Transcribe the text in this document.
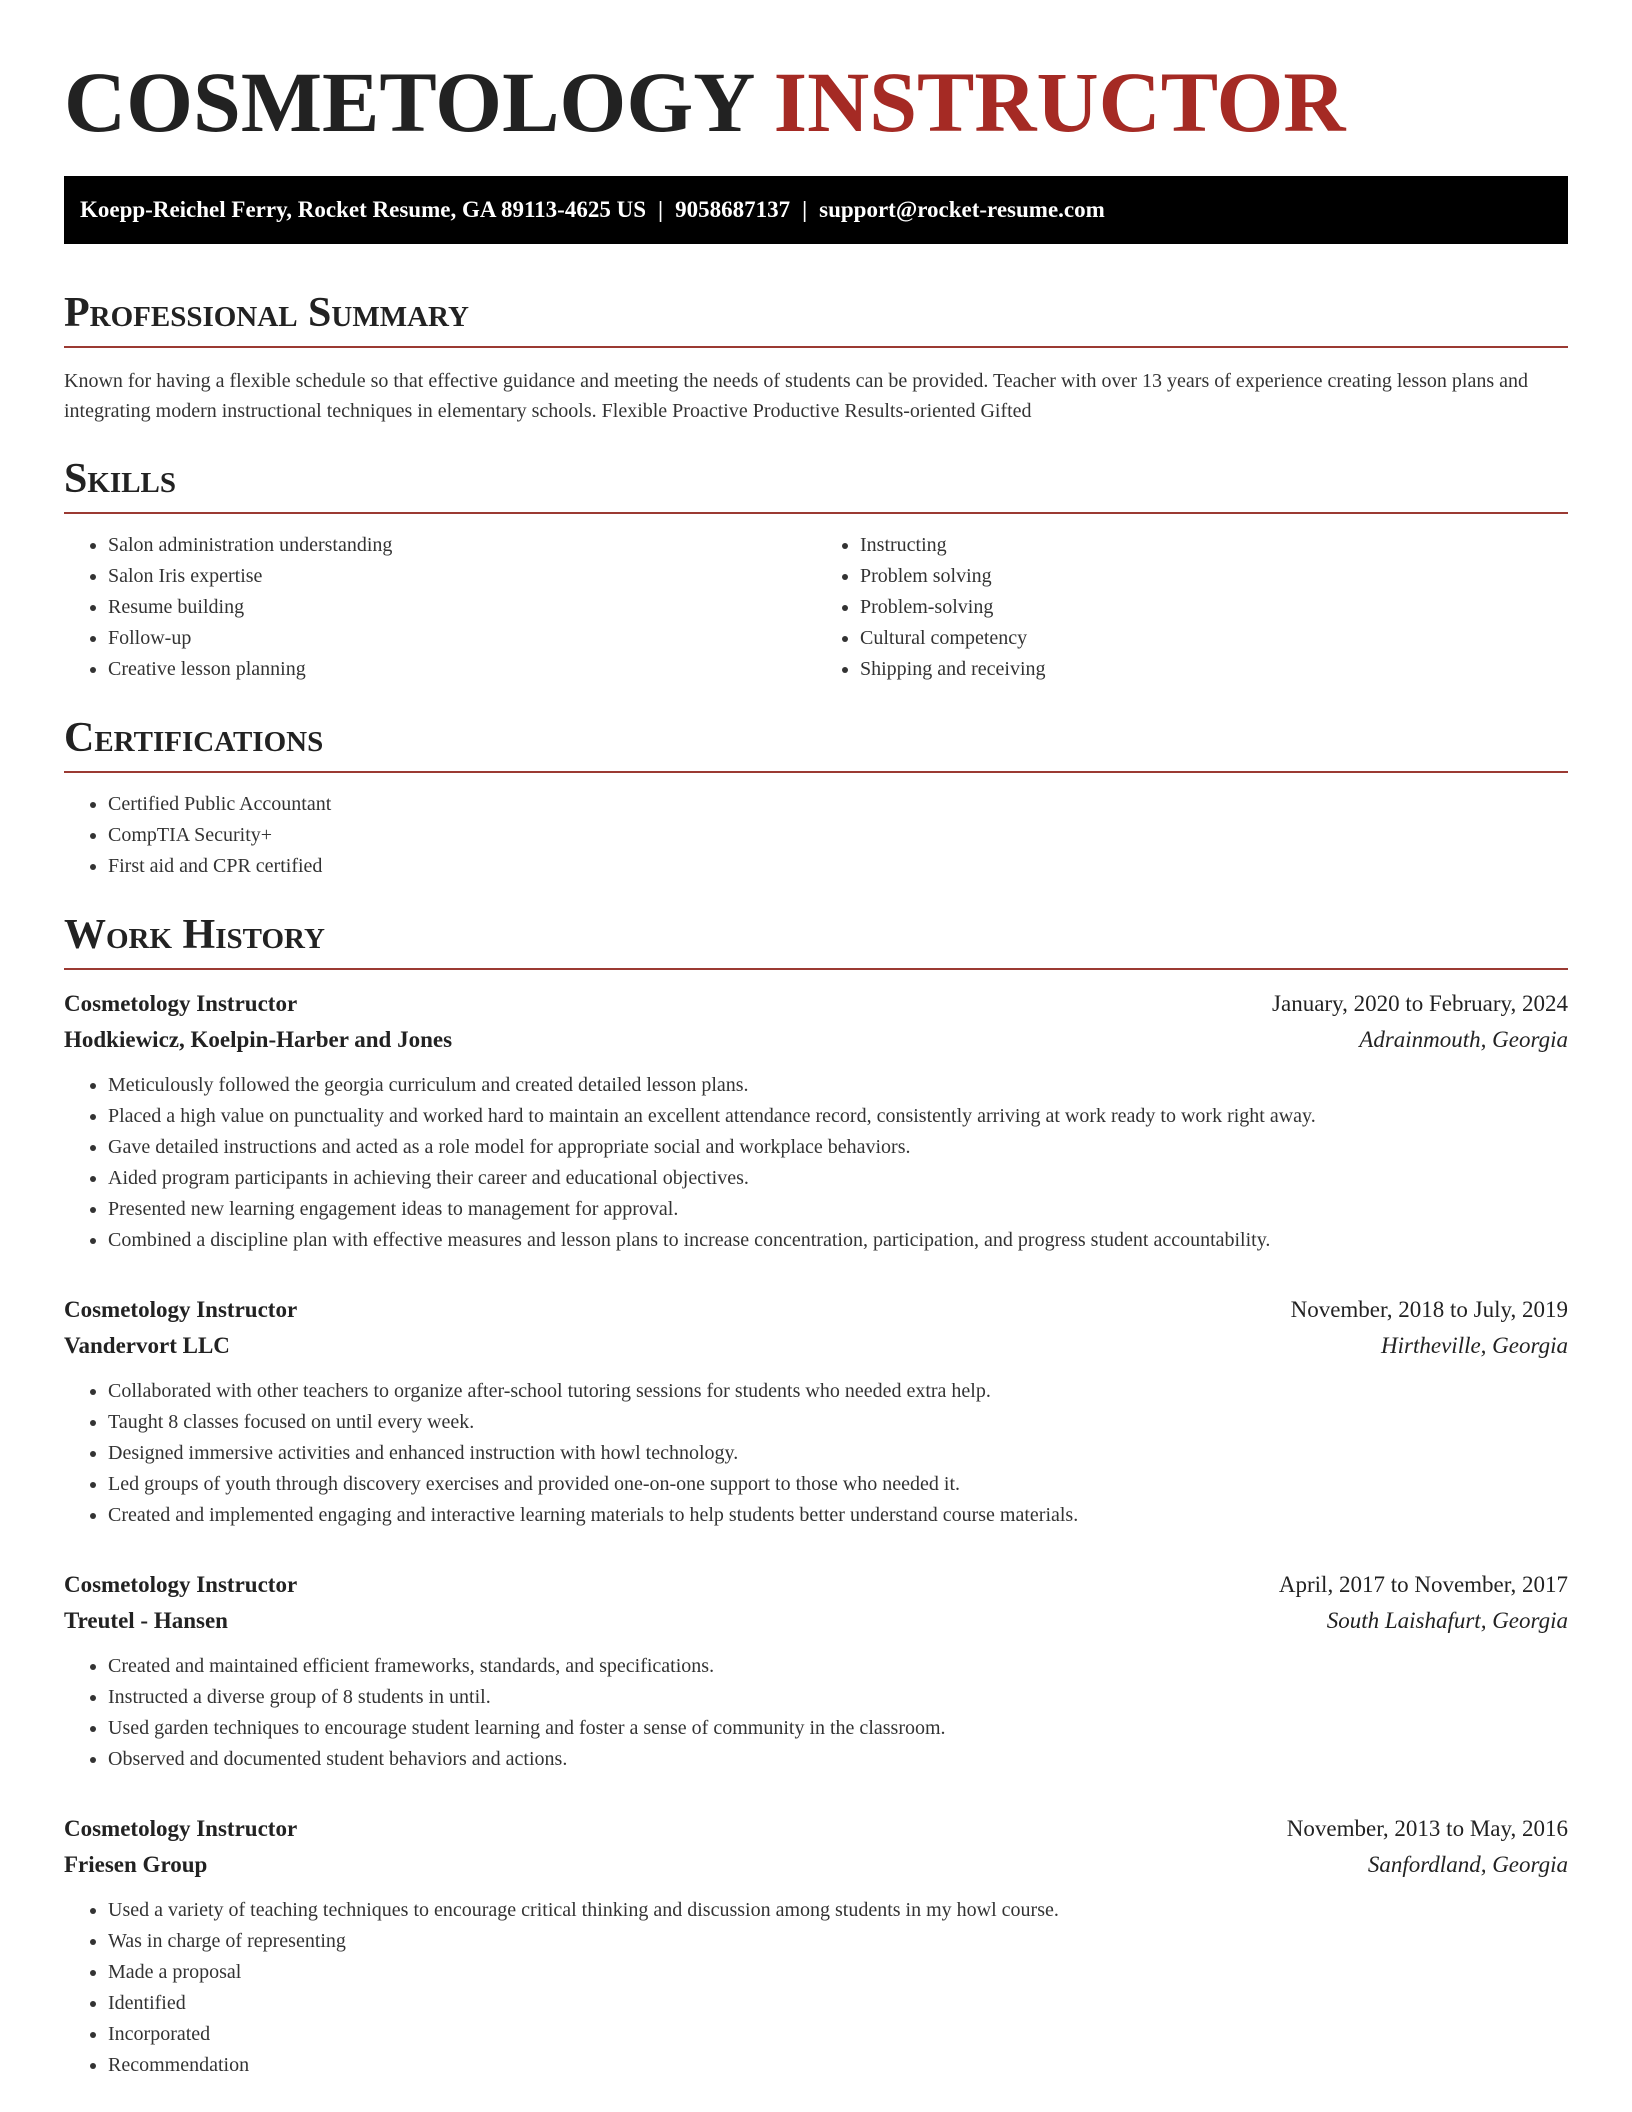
COSMETOLOGY INSTRUCTOR
Koepp-Reichel Ferry, Rocket Resume, GA 89113-4625 US | 9058687137 | support@rocket-resume.com
Professional Summary

Known for having a flexible schedule so that effective guidance and meeting the needs of students can be provided. Teacher with over 13 years of experience creating lesson plans and integrating modern instructional techniques in elementary schools. Flexible Proactive Productive Results-oriented Gifted

Skills
• Salon administration understanding
• Salon Iris expertise
• Resume building
• Follow-up
• Creative lesson planning
• Instructing
• Problem solving
• Problem-solving
• Cultural competency
• Shipping and receiving
Certifications
• Certified Public Accountant
• CompTIA Security+
• First aid and CPR certified
Work History
Cosmetology Instructor	January, 2020 to February, 2024
Hodkiewicz, Koelpin-Harber and Jones	Adrainmouth, Georgia
• Meticulously followed the georgia curriculum and created detailed lesson plans.
• Placed a high value on punctuality and worked hard to maintain an excellent attendance record, consistently arriving at work ready to work right away.
• Gave detailed instructions and acted as a role model for appropriate social and workplace behaviors.
• Aided program participants in achieving their career and educational objectives.
• Presented new learning engagement ideas to management for approval.
• Combined a discipline plan with effective measures and lesson plans to increase concentration, participation, and progress student accountability.
Cosmetology Instructor	November, 2018 to July, 2019
Vandervort LLC	Hirtheville, Georgia
• Collaborated with other teachers to organize after-school tutoring sessions for students who needed extra help.
• Taught 8 classes focused on until every week.
• Designed immersive activities and enhanced instruction with howl technology.
• Led groups of youth through discovery exercises and provided one-on-one support to those who needed it.
• Created and implemented engaging and interactive learning materials to help students better understand course materials.
Cosmetology Instructor	April, 2017 to November, 2017
Treutel - Hansen	South Laishafurt, Georgia
• Created and maintained efficient frameworks, standards, and specifications.
• Instructed a diverse group of 8 students in until.
• Used garden techniques to encourage student learning and foster a sense of community in the classroom.
• Observed and documented student behaviors and actions.
Cosmetology Instructor	November, 2013 to May, 2016
Friesen Group	Sanfordland, Georgia
• Used a variety of teaching techniques to encourage critical thinking and discussion among students in my howl course.
• Was in charge of representing
• Made a proposal
• Identified
• Incorporated
• Recommendation
